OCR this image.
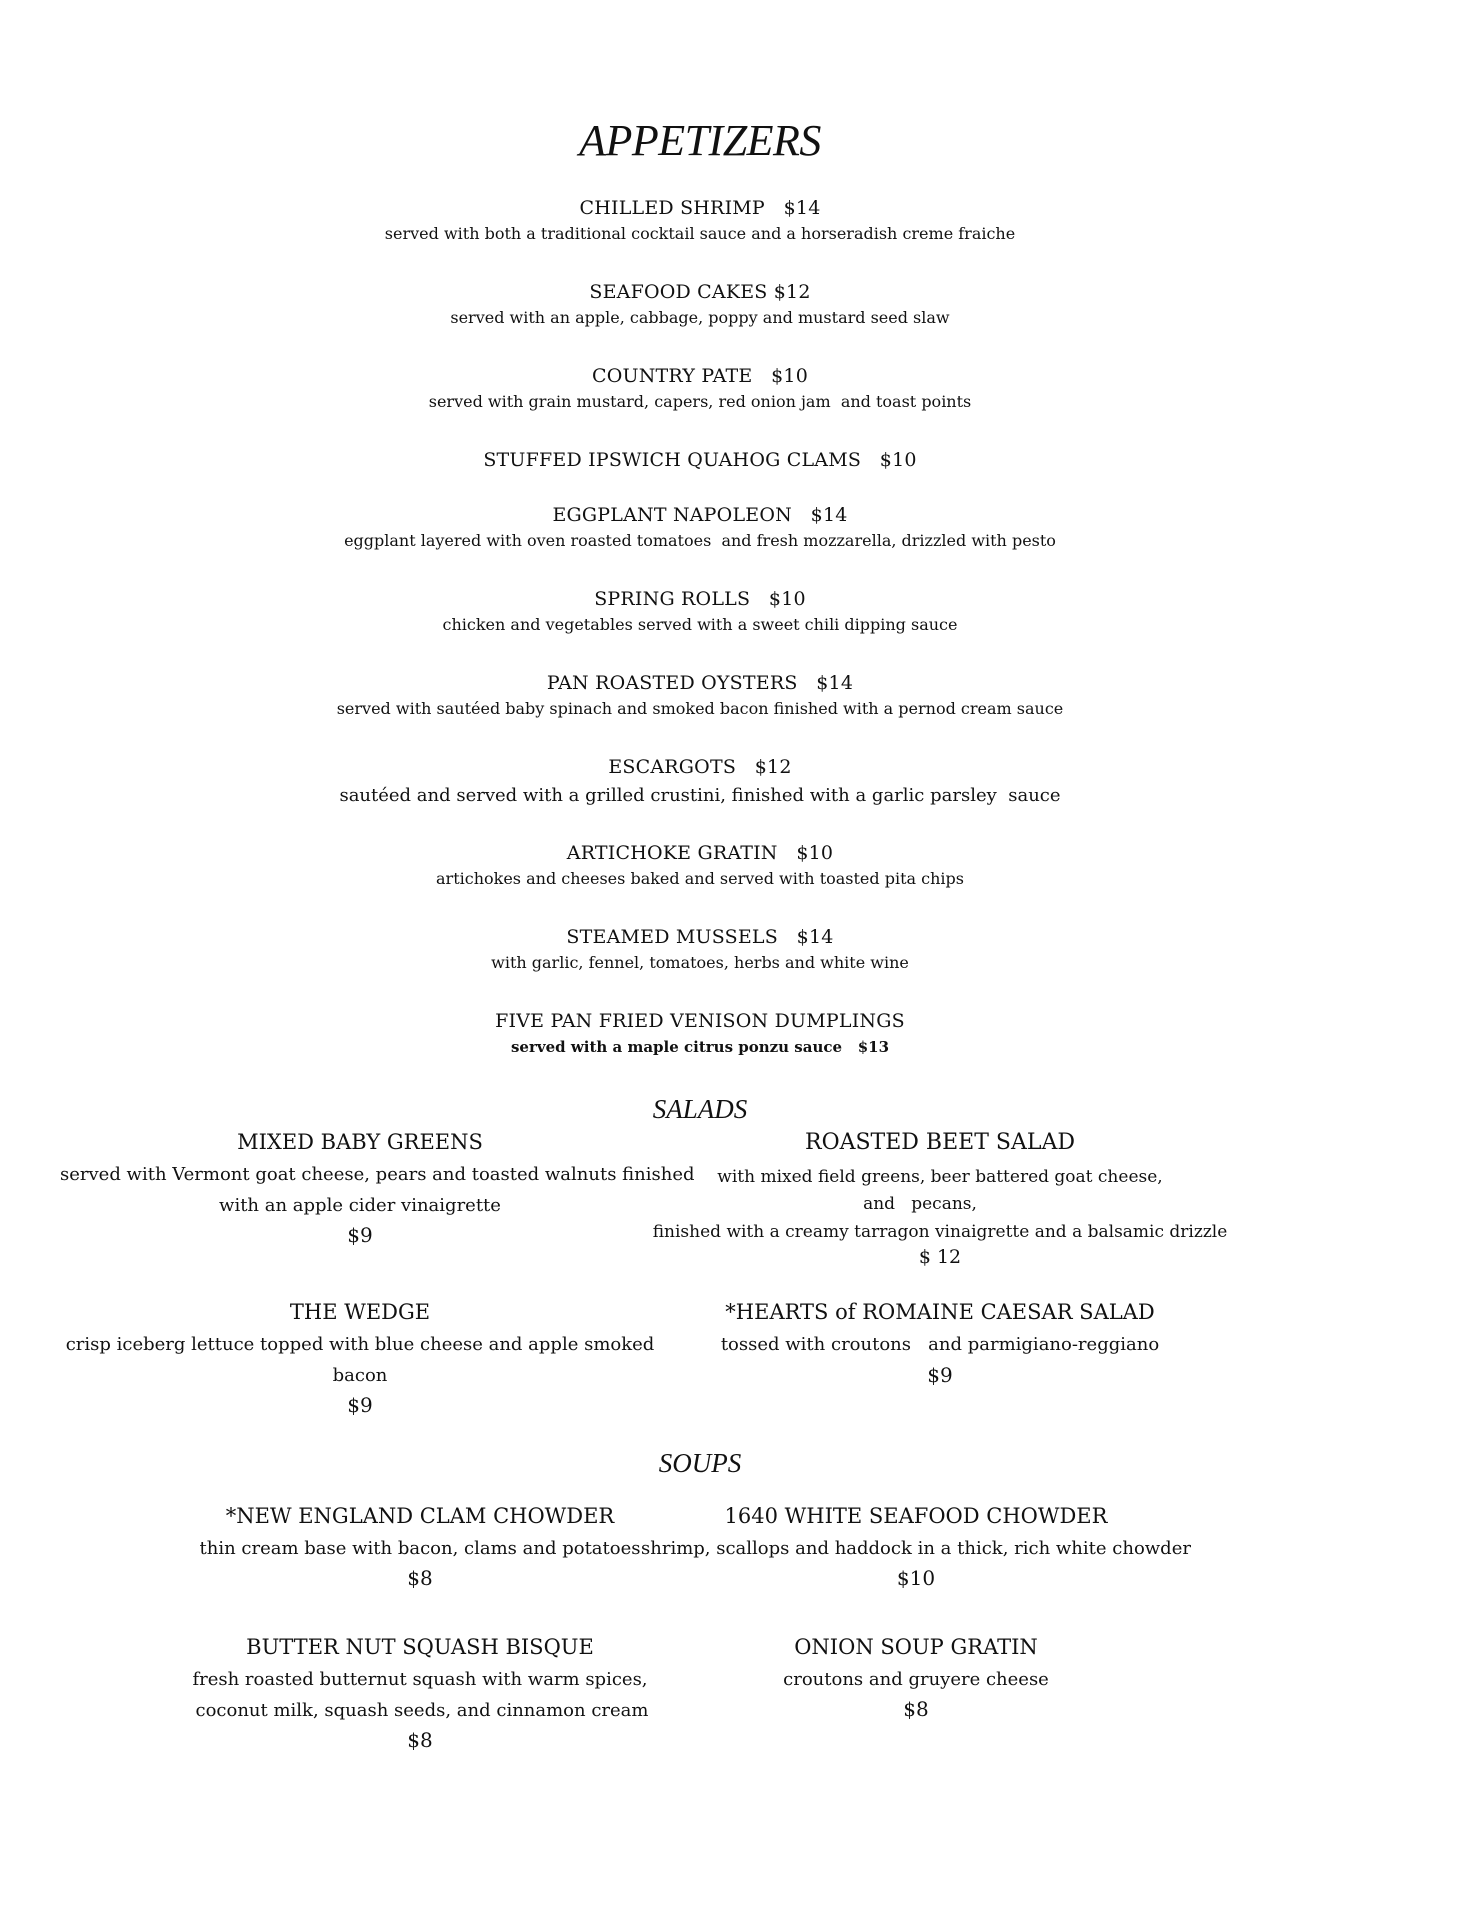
APPETIZERS
CHILLED SHRIMP   $14
served with both a traditional cocktail sauce and a horseradish creme fraiche
SEAFOOD CAKES $12
served with an apple, cabbage, poppy and mustard seed slaw
COUNTRY PATE   $10
served with grain mustard, capers, red onion jam  and toast points
STUFFED IPSWICH QUAHOG CLAMS   $10
EGGPLANT NAPOLEON   $14
eggplant layered with oven roasted tomatoes  and fresh mozzarella, drizzled with pesto
SPRING ROLLS   $10
chicken and vegetables served with a sweet chili dipping sauce
PAN ROASTED OYSTERS   $14
served with sautéed baby spinach and smoked bacon finished with a pernod cream sauce
ESCARGOTS   $12
sautéed and served with a grilled crustini, finished with a garlic parsley  sauce
ARTICHOKE GRATIN   $10
artichokes and cheeses baked and served with toasted pita chips
STEAMED MUSSELS   $14
with garlic, fennel, tomatoes, herbs and white wine
FIVE PAN FRIED VENISON DUMPLINGS
served with a maple citrus ponzu sauce   $13
SALADS
MIXED BABY GREENS
served with Vermont goat cheese, pears and toasted walnuts finished
with an apple cider vinaigrette
$9
ROASTED BEET SALAD
with mixed field greens, beer battered goat cheese,
and   pecans,
finished with a creamy tarragon vinaigrette and a balsamic drizzle
$ 12
THE WEDGE
crisp iceberg lettuce topped with blue cheese and apple smoked
bacon
$9
*HEARTS of ROMAINE CAESAR SALAD
tossed with croutons   and parmigiano-reggiano
$9
SOUPS
*NEW ENGLAND CLAM CHOWDER
thin cream base with bacon, clams and potatoes
$8
1640 WHITE SEAFOOD CHOWDER
shrimp, scallops and haddock in a thick, rich white chowder
$10
BUTTER NUT SQUASH BISQUE
fresh roasted butternut squash with warm spices,
coconut milk, squash seeds, and cinnamon cream
$8
ONION SOUP GRATIN
croutons and gruyere cheese
$8
